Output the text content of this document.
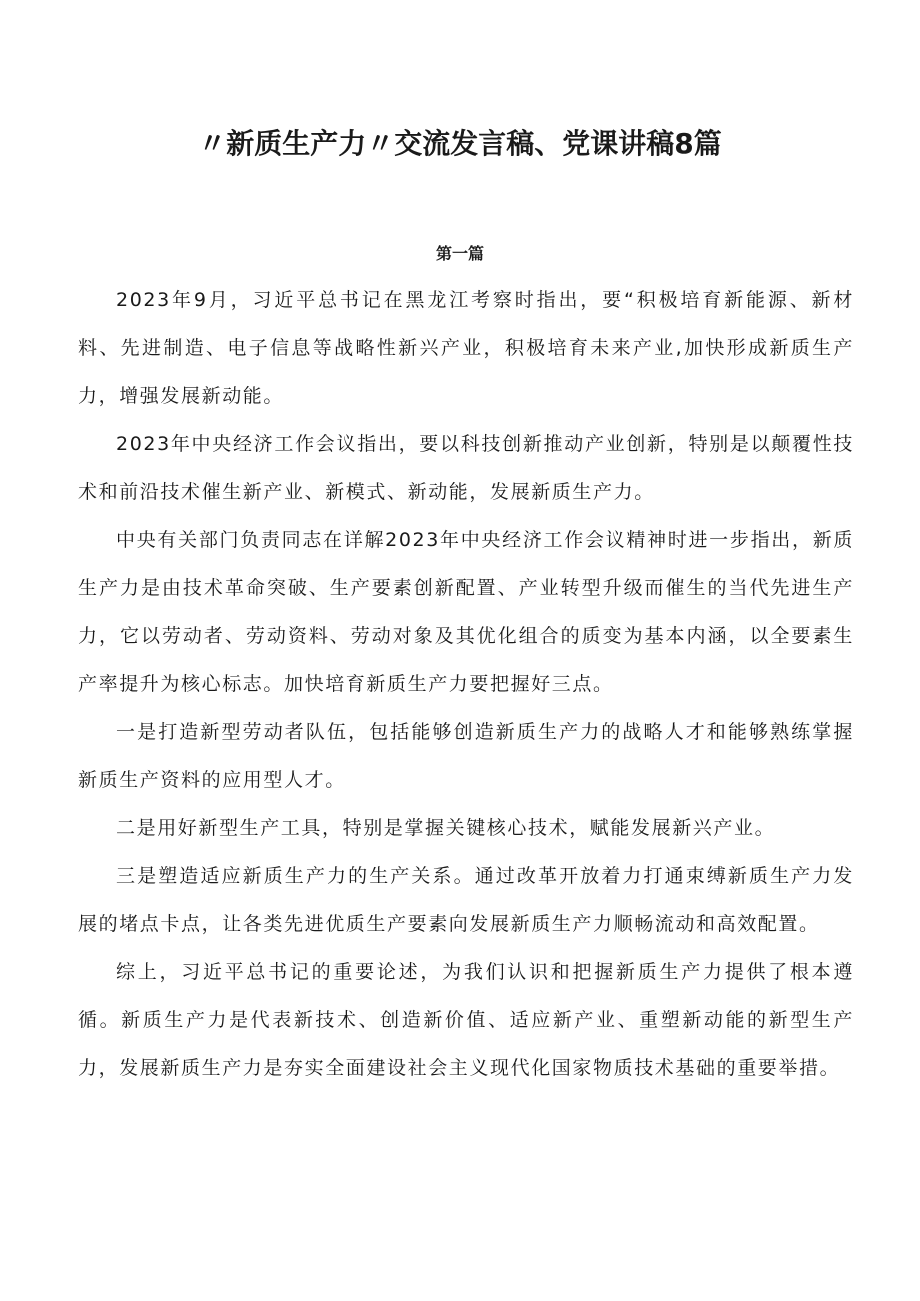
〃新质生产力〃交流发言稿、党课讲稿8篇
第一篇

2023年9月，习近平总书记在黑龙江考察时指出，要“积极培育新能源、新材料、先进制造、电子信息等战略性新兴产业，积极培育未来产业,加快形成新质生产力，增强发展新动能。

2023年中央经济工作会议指出，要以科技创新推动产业创新，特别是以颠覆性技术和前沿技术催生新产业、新模式、新动能，发展新质生产力。

中央有关部门负责同志在详解2023年中央经济工作会议精神时进一步指出，新质生产力是由技术革命突破、生产要素创新配置、产业转型升级而催生的当代先进生产力，它以劳动者、劳动资料、劳动对象及其优化组合的质变为基本内涵，以全要素生产率提升为核心标志。加快培育新质生产力要把握好三点。

一是打造新型劳动者队伍，包括能够创造新质生产力的战略人才和能够熟练掌握新质生产资料的应用型人才。

二是用好新型生产工具，特别是掌握关键核心技术，赋能发展新兴产业。

三是塑造适应新质生产力的生产关系。通过改革开放着力打通束缚新质生产力发展的堵点卡点，让各类先进优质生产要素向发展新质生产力顺畅流动和高效配置。

综上，习近平总书记的重要论述，为我们认识和把握新质生产力提供了根本遵循。新质生产力是代表新技术、创造新价值、适应新产业、重塑新动能的新型生产力，发展新质生产力是夯实全面建设社会主义现代化国家物质技术基础的重要举措。
